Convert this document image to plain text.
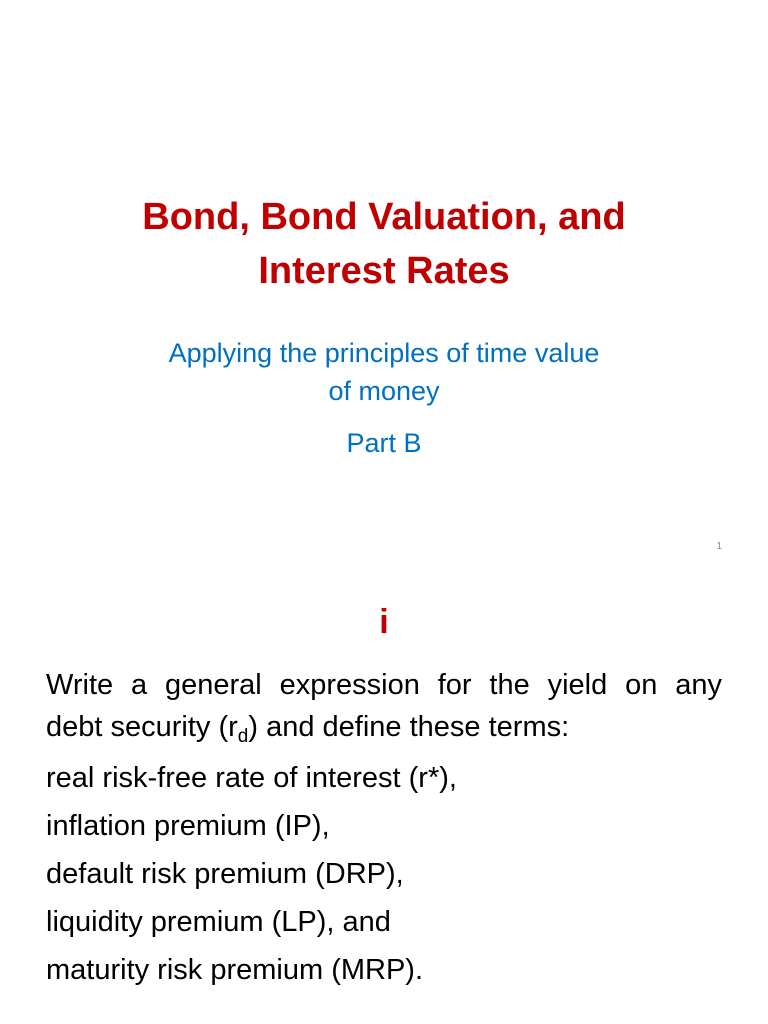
Bond, Bond Valuation, and
Interest Rates
Applying the principles of time value
of money
Part B
1
i
Write a general expression for the yield on any
debt security $(r_d)$ and define these terms:
real risk-free rate of interest (r*),
inflation premium (IP),
default risk premium (DRP),
liquidity premium (LP), and
maturity risk premium (MRP).
